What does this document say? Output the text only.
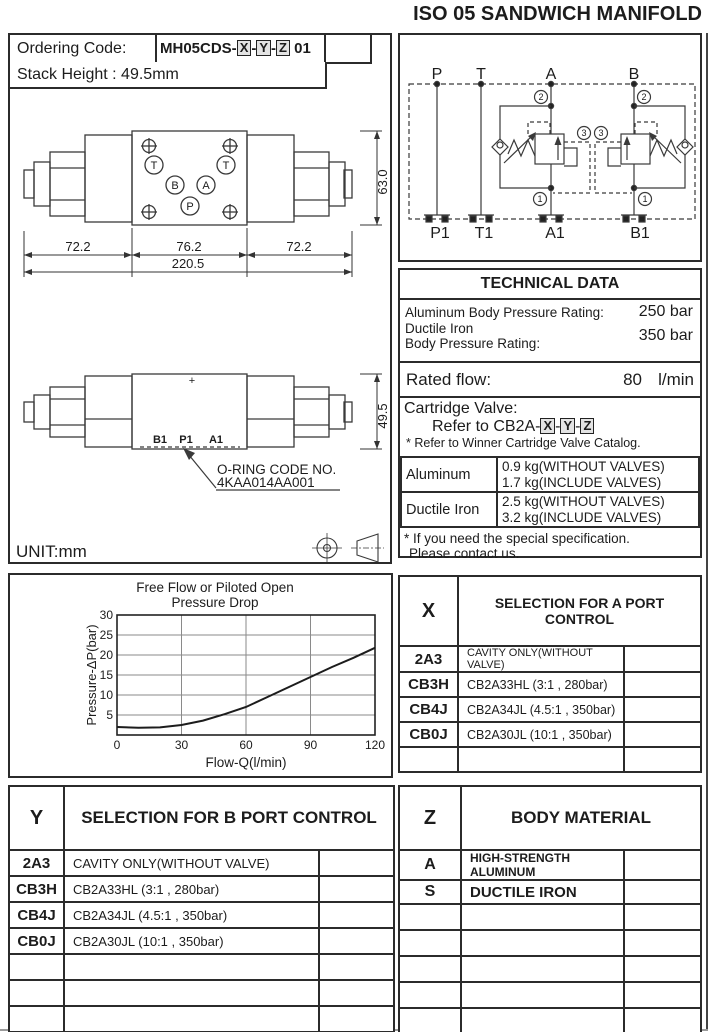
ISO 05 SANDWICH MANIFOLD
Ordering Code:	MH05CDS- X - Y - Z 01
Stack Height : 49.5mm
T	T
B A
P
72.2	76.2	72.2
220.5
63.0
B1 P1 A1
+
O-RING CODE NO.
4KAA014AA001
49.5
UNIT:mm
P T	A	B
P1 T1	A1	B1
2
1
3
2
1
3
TECHNICAL DATA
Aluminum Body Pressure Rating:	250 bar
Ductile Iron
Body Pressure Rating:	350 bar
Rated flow:	80 l/min
Cartridge Valve:
Refer to CB2A- X - Y - Z
* Refer to Winner Cartridge Valve Catalog.
Aluminum	0.9 kg(WITHOUT VALVES)
1.7 kg(INCLUDE VALVES)

Ductile Iron	2.5 kg(WITHOUT VALVES)
3.2 kg(INCLUDE VALVES)
* If you need the special specification.
Please contact us.
Free Flow or Piloted Open
Pressure Drop
30
25
20
15
10
5
0	30	60	90	120
Flow-Q(l/min)
Pressure-ΔP(bar)
X	SELECTION FOR A PORT CONTROL	
2A3	CAVITY ONLY(WITHOUT VALVE)	
CB3H	CB2A33HL (3:1 , 280bar)	
CB4J	CB2A34JL (4.5:1 , 350bar)	
CB0J	CB2A30JL (10:1 , 350bar)	

Y	SELECTION FOR B PORT CONTROL	
2A3	CAVITY ONLY(WITHOUT VALVE)	
CB3H	CB2A33HL (3:1 , 280bar)	
CB4J	CB2A34JL (4.5:1 , 350bar)	
CB0J	CB2A30JL (10:1 , 350bar)	

Z	BODY MATERIAL	
A	HIGH-STRENGTH ALUMINUM	
S	DUCTILE IRON	
